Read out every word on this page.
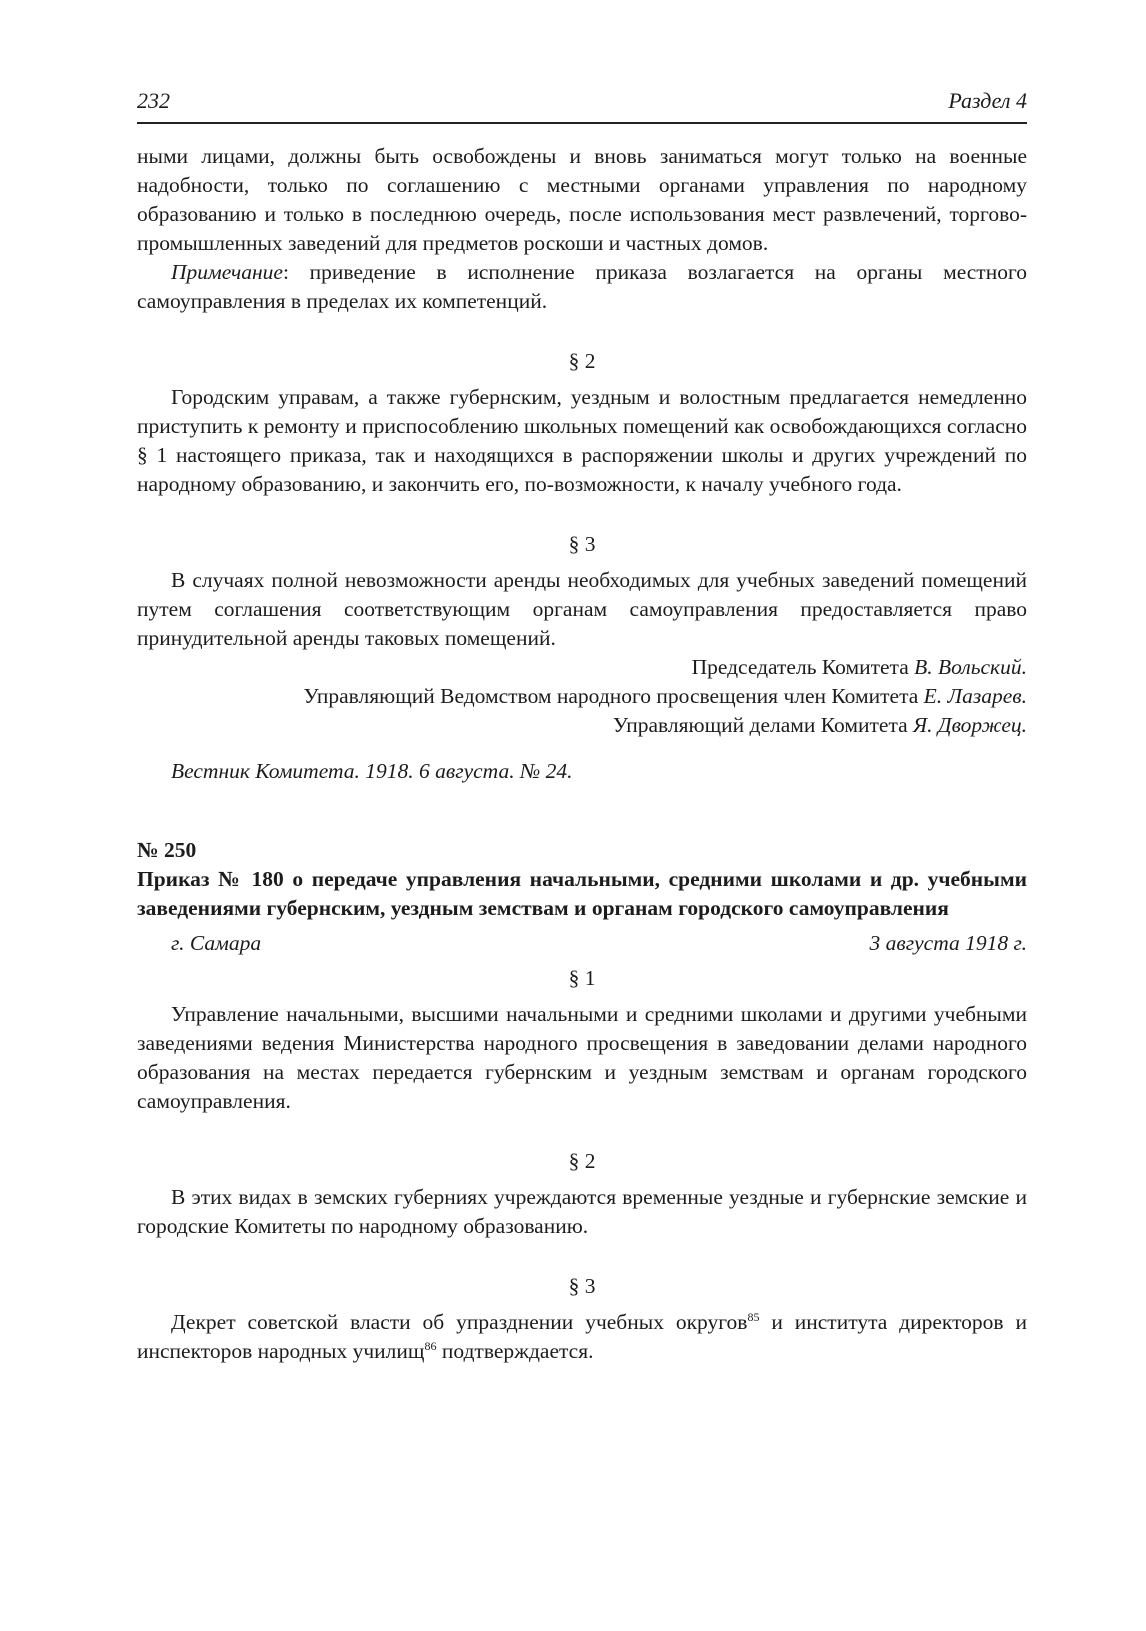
232	Раздел 4

ными лицами, должны быть освобождены и вновь заниматься могут только на военные надобности, только по соглашению с местными органами управления по народному образованию и только в последнюю очередь, после использования мест развлечений, торгово-промышленных заведений для предметов роскоши и частных домов.

Примечание: приведение в исполнение приказа возлагается на органы местного самоуправления в пределах их компетенций.

§ 2

Городским управам, а также губернским, уездным и волостным предлагается немедленно приступить к ремонту и приспособлению школьных помещений как освобождающихся согласно § 1 настоящего приказа, так и находящихся в распоряжении школы и других учреждений по народному образованию, и закончить его, по-возможности, к началу учебного года.

§ 3

В случаях полной невозможности аренды необходимых для учебных заведений помещений путем соглашения соответствующим органам самоуправления предоставляется право принудительной аренды таковых помещений.

Председатель Комитета В. Вольский.
Управляющий Ведомством народного просвещения член Комитета Е. Лазарев.
Управляющий делами Комитета Я. Дворжец.
Вестник Комитета. 1918. 6 августа. № 24.
№ 250
Приказ № 180 о передаче управления начальными, средними школами и др. учебными заведениями губернским, уездным земствам и органам городского самоуправления
г. Самара	3 августа 1918 г.
§ 1

Управление начальными, высшими начальными и средними школами и другими учебными заведениями ведения Министерства народного просвещения в заведовании делами народного образования на местах передается губернским и уездным земствам и органам городского самоуправления.

§ 2

В этих видах в земских губерниях учреждаются временные уездные и губернские земские и городские Комитеты по народному образованию.

§ 3

Декрет советской власти об упразднении учебных округов$^{85}$ и института директоров и инспекторов народных училищ$^{86}$ подтверждается.
